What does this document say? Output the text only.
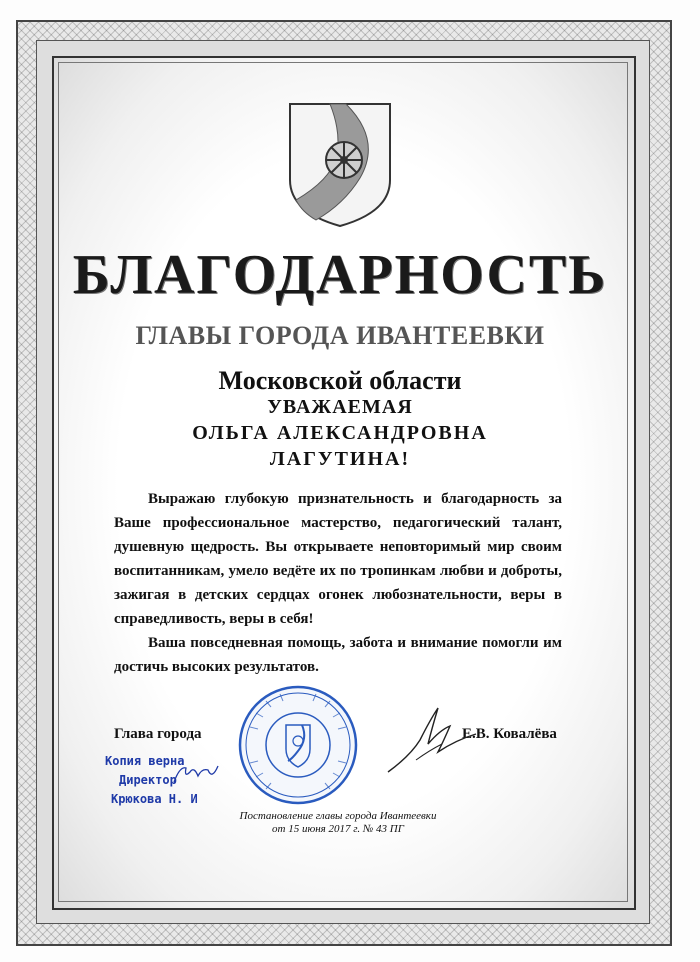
БЛАГОДАРНОСТЬ
ГЛАВЫ ГОРОДА ИВАНТЕЕВКИ
Московской области
УВАЖАЕМАЯ
ОЛЬГА АЛЕКСАНДРОВНА
ЛАГУТИНА!

Выражаю глубокую признательность и благодарность за Ваше профессиональное мастерство, педагогический талант, душевную щедрость. Вы открываете неповторимый мир своим воспитанникам, умело ведёте их по тропинкам любви и доброты, зажигая в детских сердцах огонек любознательности, веры в справедливость, веры в себя!

Ваша повседневная помощь, забота и внимание помогли им достичь высоких результатов.

Глава города	Е.В. Ковалёва
Копия верна
Директор
Крюкова Н. И
Постановление главы города Ивантеевки
от 15 июня 2017 г. № 43 ПГ
